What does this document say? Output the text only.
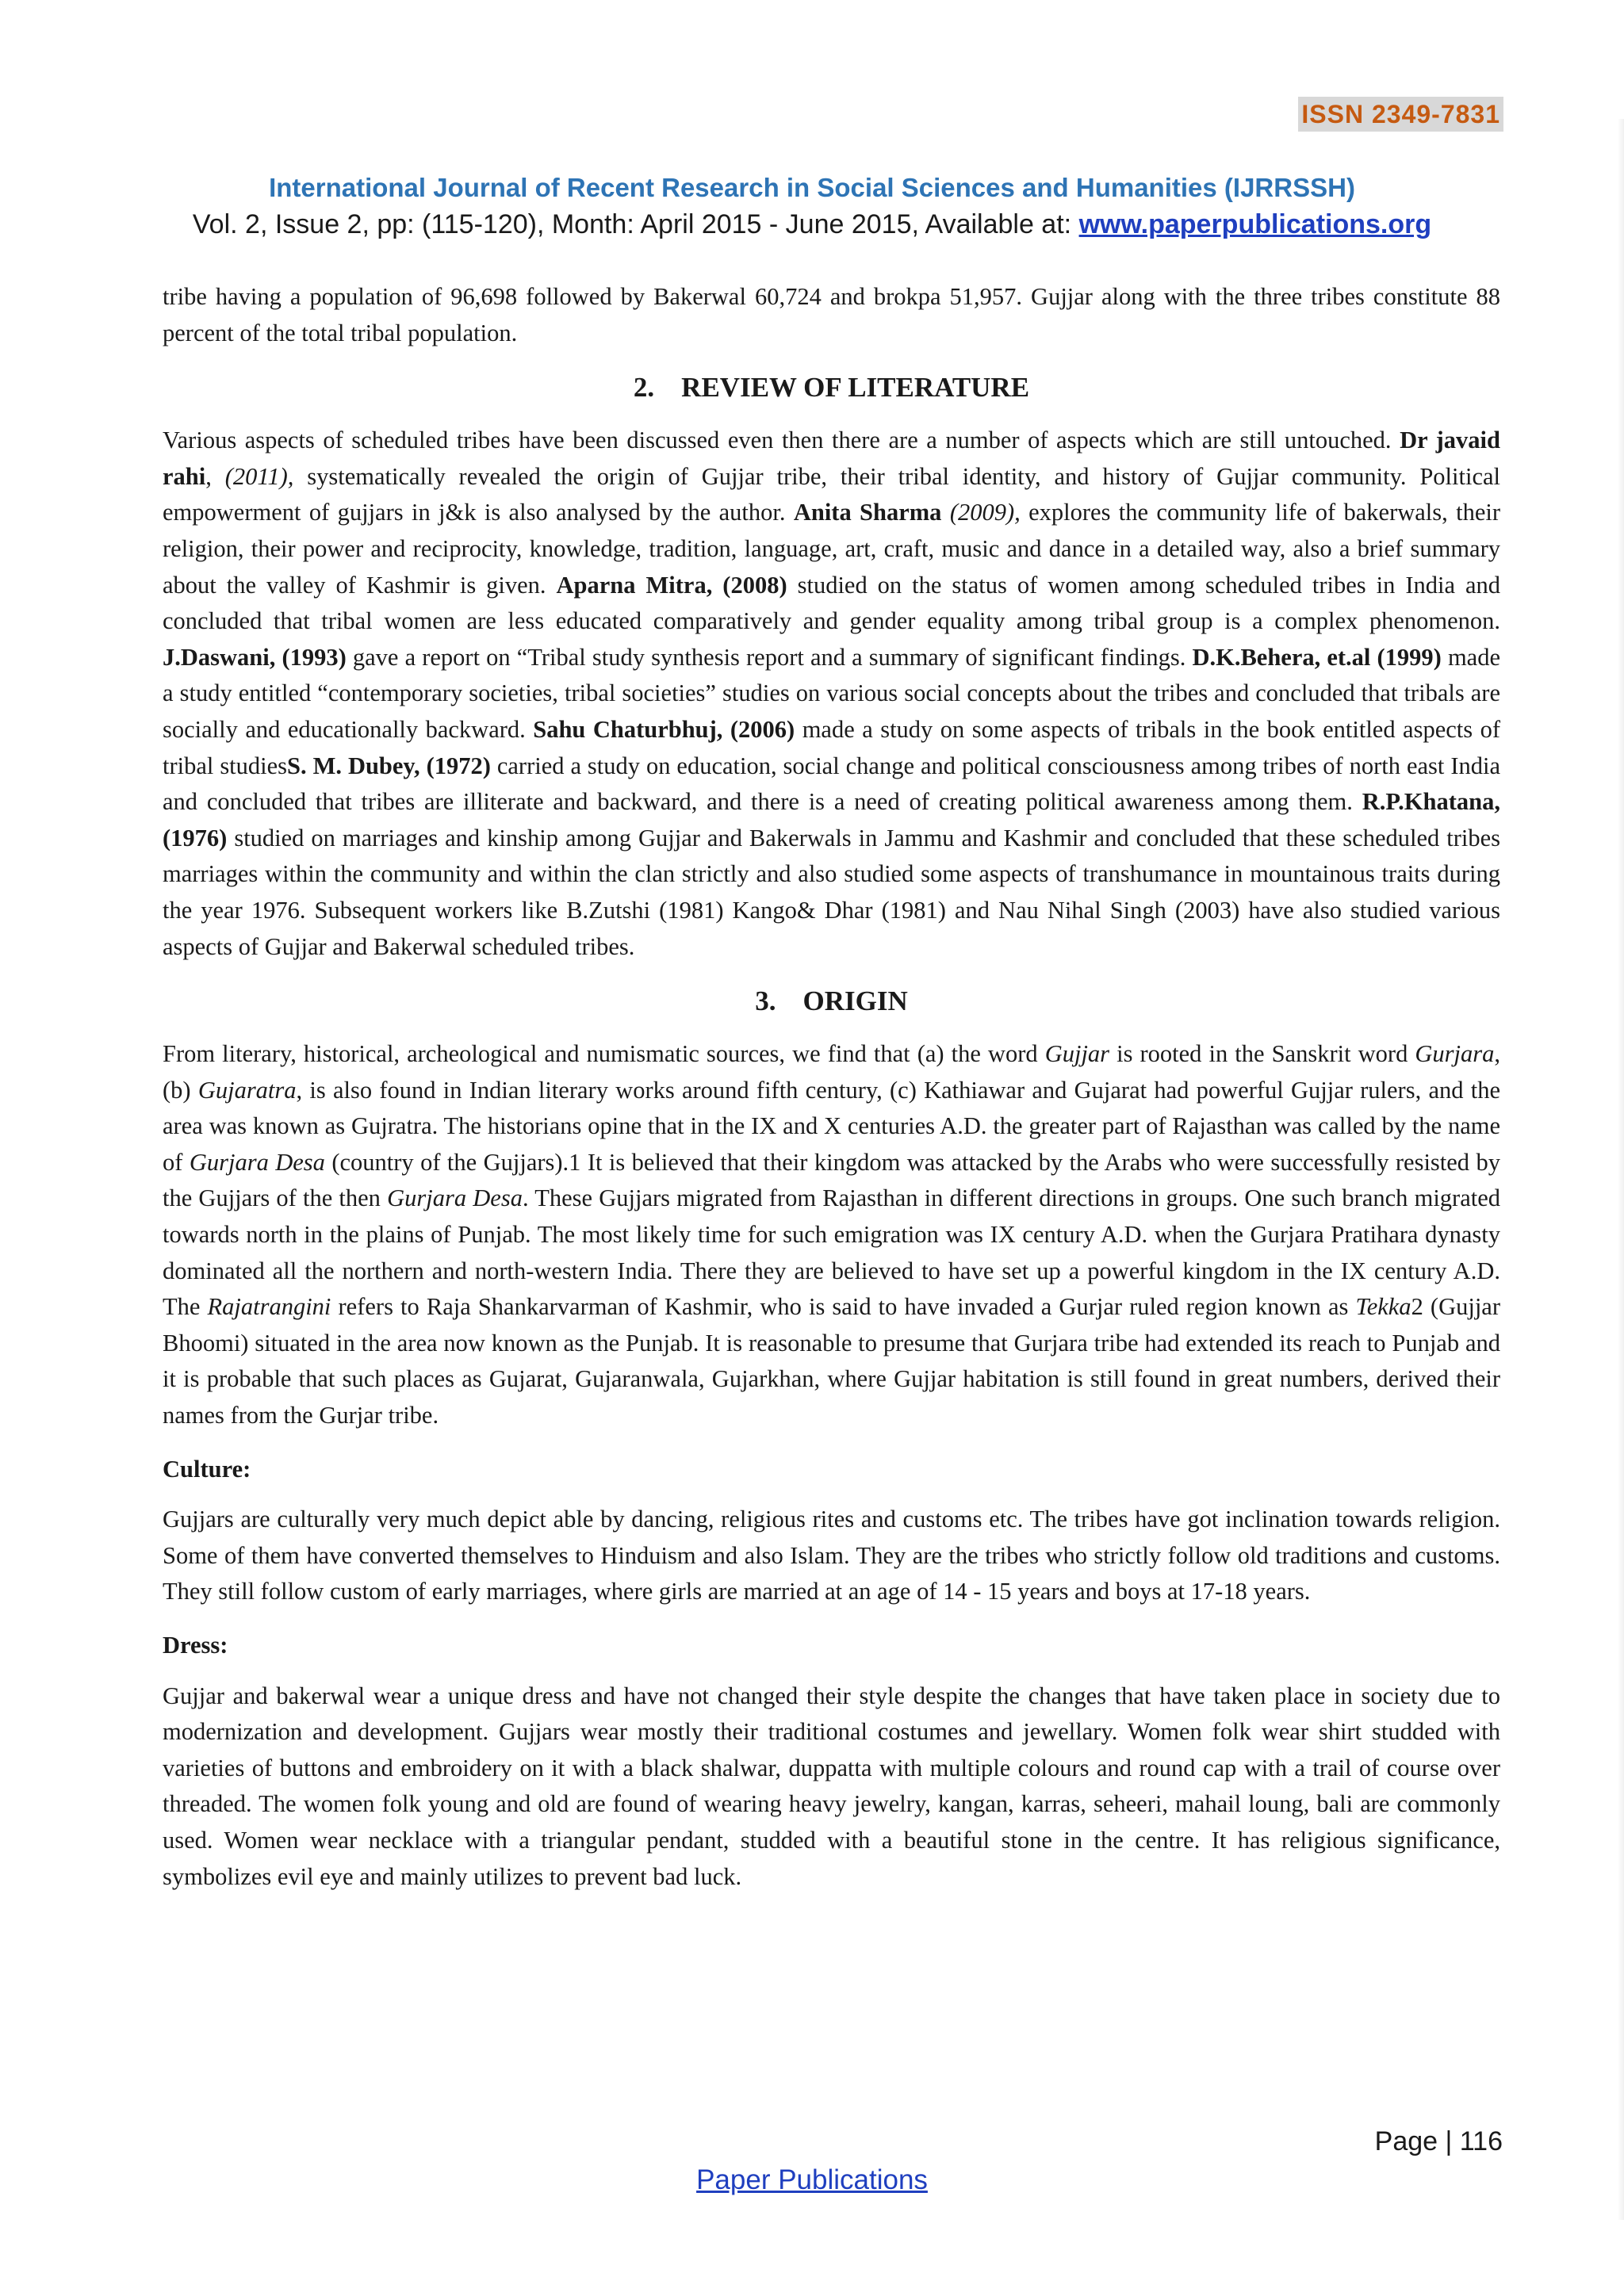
ISSN 2349-7831
International Journal of Recent Research in Social Sciences and Humanities (IJRRSSH)
Vol. 2, Issue 2, pp: (115-120), Month: April 2015 - June 2015, Available at: www.paperpublications.org

tribe having a population of 96,698 followed by Bakerwal 60,724 and brokpa 51,957. Gujjar along with the three tribes constitute 88 percent of the total tribal population.

2. REVIEW OF LITERATURE

Various aspects of scheduled tribes have been discussed even then there are a number of aspects which are still untouched. Dr javaid rahi, (2011), systematically revealed the origin of Gujjar tribe, their tribal identity, and history of Gujjar community. Political empowerment of gujjars in j&k is also analysed by the author. Anita Sharma (2009), explores the community life of bakerwals, their religion, their power and reciprocity, knowledge, tradition, language, art, craft, music and dance in a detailed way, also a brief summary about the valley of Kashmir is given. Aparna Mitra, (2008) studied on the status of women among scheduled tribes in India and concluded that tribal women are less educated comparatively and gender equality among tribal group is a complex phenomenon. J.Daswani, (1993) gave a report on “Tribal study synthesis report and a summary of significant findings. D.K.Behera, et.al (1999) made a study entitled “contemporary societies, tribal societies” studies on various social concepts about the tribes and concluded that tribals are socially and educationally backward. Sahu Chaturbhuj, (2006) made a study on some aspects of tribals in the book entitled aspects of tribal studiesS. M. Dubey, (1972) carried a study on education, social change and political consciousness among tribes of north east India and concluded that tribes are illiterate and backward, and there is a need of creating political awareness among them. R.P.Khatana, (1976) studied on marriages and kinship among Gujjar and Bakerwals in Jammu and Kashmir and concluded that these scheduled tribes marriages within the community and within the clan strictly and also studied some aspects of transhumance in mountainous traits during the year 1976. Subsequent workers like B.Zutshi (1981) Kango& Dhar (1981) and Nau Nihal Singh (2003) have also studied various aspects of Gujjar and Bakerwal scheduled tribes.

3. ORIGIN

From literary, historical, archeological and numismatic sources, we find that (a) the word Gujjar is rooted in the Sanskrit word Gurjara, (b) Gujaratra, is also found in Indian literary works around fifth century, (c) Kathiawar and Gujarat had powerful Gujjar rulers, and the area was known as Gujratra. The historians opine that in the IX and X centuries A.D. the greater part of Rajasthan was called by the name of Gurjara Desa (country of the Gujjars).1 It is believed that their kingdom was attacked by the Arabs who were successfully resisted by the Gujjars of the then Gurjara Desa. These Gujjars migrated from Rajasthan in different directions in groups. One such branch migrated towards north in the plains of Punjab. The most likely time for such emigration was IX century A.D. when the Gurjara Pratihara dynasty dominated all the northern and north-western India. There they are believed to have set up a powerful kingdom in the IX century A.D. The Rajatrangini refers to Raja Shankarvarman of Kashmir, who is said to have invaded a Gurjar ruled region known as Tekka2 (Gujjar Bhoomi) situated in the area now known as the Punjab. It is reasonable to presume that Gurjara tribe had extended its reach to Punjab and it is probable that such places as Gujarat, Gujaranwala, Gujarkhan, where Gujjar habitation is still found in great numbers, derived their names from the Gurjar tribe.

Culture:

Gujjars are culturally very much depict able by dancing, religious rites and customs etc. The tribes have got inclination towards religion. Some of them have converted themselves to Hinduism and also Islam. They are the tribes who strictly follow old traditions and customs. They still follow custom of early marriages, where girls are married at an age of 14 - 15 years and boys at 17-18 years.

Dress:

Gujjar and bakerwal wear a unique dress and have not changed their style despite the changes that have taken place in society due to modernization and development. Gujjars wear mostly their traditional costumes and jewellary. Women folk wear shirt studded with varieties of buttons and embroidery on it with a black shalwar, duppatta with multiple colours and round cap with a trail of course over threaded. The women folk young and old are found of wearing heavy jewelry, kangan, karras, seheeri, mahail loung, bali are commonly used. Women wear necklace with a triangular pendant, studded with a beautiful stone in the centre. It has religious significance, symbolizes evil eye and mainly utilizes to prevent bad luck.

Page | 116
Paper Publications
